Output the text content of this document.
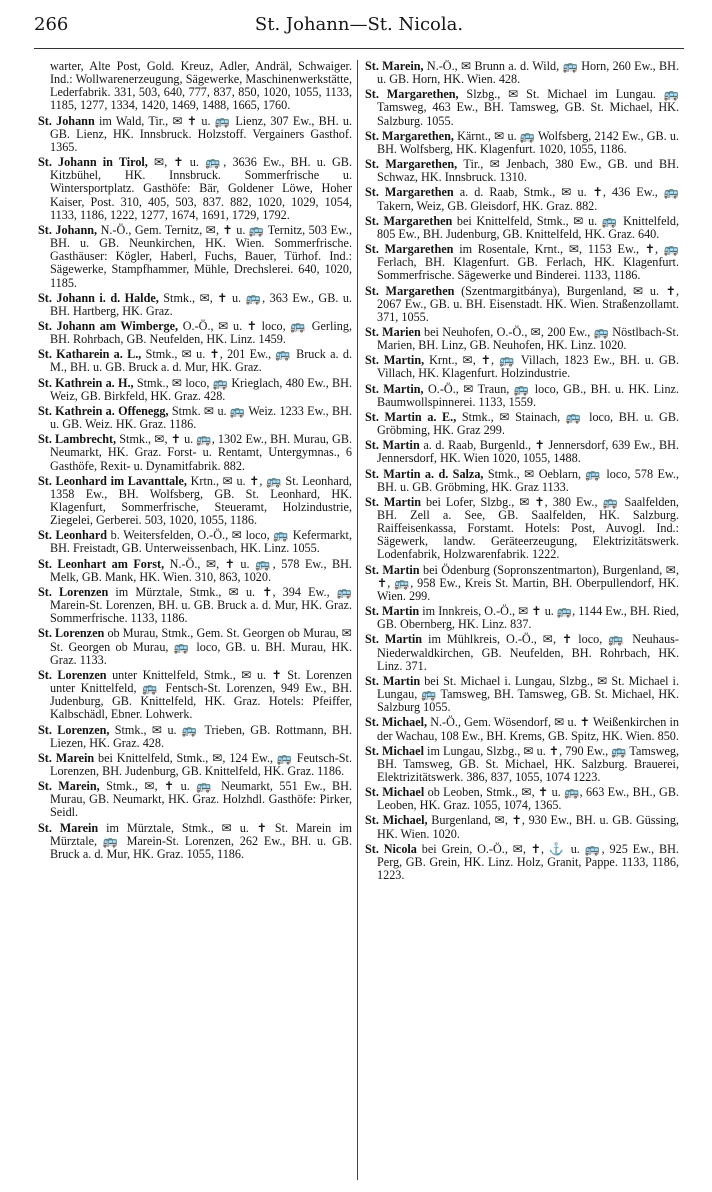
266	St. Johann—St. Nicola.

warter, Alte Post, Gold. Kreuz, Adler, Andräl, Schwaiger. Ind.: Wollwarenerzeugung, Sägewerke, Maschinenwerkstätte, Lederfabrik. 331, 503, 640, 777, 837, 850, 1020, 1055, 1133, 1185, 1277, 1334, 1420, 1469, 1488, 1665, 1760.

St. Johann im Wald, Tir., ✉ ✝ u. 🚌 Lienz, 307 Ew., BH. u. GB. Lienz, HK. Innsbruck. Holzstoff. Vergainers Gasthof. 1365.

St. Johann in Tirol, ✉, ✝ u. 🚌, 3636 Ew., BH. u. GB. Kitzbühel, HK. Innsbruck. Sommerfrische u. Wintersportplatz. Gasthöfe: Bär, Goldener Löwe, Hoher Kaiser, Post. 310, 405, 503, 837. 882, 1020, 1029, 1054, 1133, 1186, 1222, 1277, 1674, 1691, 1729, 1792.

St. Johann, N.-Ö., Gem. Ternitz, ✉, ✝ u. 🚌 Ternitz, 503 Ew., BH. u. GB. Neunkirchen, HK. Wien. Sommerfrische. Gasthäuser: Kögler, Haberl, Fuchs, Bauer, Türhof. Ind.: Sägewerke, Stampfhammer, Mühle, Drechslerei. 640, 1020, 1185.

St. Johann i. d. Halde, Stmk., ✉, ✝ u. 🚌, 363 Ew., GB. u. BH. Hartberg, HK. Graz.

St. Johann am Wimberge, O.-Ö., ✉ u. ✝ loco, 🚌 Gerling, BH. Rohrbach, GB. Neufelden, HK. Linz. 1459.

St. Katharein a. L., Stmk., ✉ u. ✝, 201 Ew., 🚌 Bruck a. d. M., BH. u. GB. Bruck a. d. Mur, HK. Graz.

St. Kathrein a. H., Stmk., ✉ loco, 🚌 Krieglach, 480 Ew., BH. Weiz, GB. Birkfeld, HK. Graz. 428.

St. Kathrein a. Offenegg, Stmk. ✉ u. 🚌 Weiz. 1233 Ew., BH. u. GB. Weiz. HK. Graz. 1186.

St. Lambrecht, Stmk., ✉, ✝ u. 🚌, 1302 Ew., BH. Murau, GB. Neumarkt, HK. Graz. Forst- u. Rentamt, Untergymnas., 6 Gasthöfe, Rexit- u. Dynamitfabrik. 882.

St. Leonhard im Lavanttale, Krtn., ✉ u. ✝, 🚌 St. Leonhard, 1358 Ew., BH. Wolfsberg, GB. St. Leonhard, HK. Klagenfurt, Sommerfrische, Steueramt, Holzindustrie, Ziegelei, Gerberei. 503, 1020, 1055, 1186.

St. Leonhard b. Weitersfelden, O.-Ö., ✉ loco, 🚌 Kefermarkt, BH. Freistadt, GB. Unterweissenbach, HK. Linz. 1055.

St. Leonhart am Forst, N.-Ö., ✉, ✝ u. 🚌, 578 Ew., BH. Melk, GB. Mank, HK. Wien. 310, 863, 1020.

St. Lorenzen im Mürztale, Stmk., ✉ u. ✝, 394 Ew., 🚌 Marein-St. Lorenzen, BH. u. GB. Bruck a. d. Mur, HK. Graz. Sommerfrische. 1133, 1186.

St. Lorenzen ob Murau, Stmk., Gem. St. Georgen ob Murau, ✉ St. Georgen ob Murau, 🚌 loco, GB. u. BH. Murau, HK. Graz. 1133.

St. Lorenzen unter Knittelfeld, Stmk., ✉ u. ✝ St. Lorenzen unter Knittelfeld, 🚌 Fentsch-St. Lorenzen, 949 Ew., BH. Judenburg, GB. Knittelfeld, HK. Graz. Hotels: Pfeiffer, Kalbschädl, Ebner. Lohwerk.

St. Lorenzen, Stmk., ✉ u. 🚌 Trieben, GB. Rottmann, BH. Liezen, HK. Graz. 428.

St. Marein bei Knittelfeld, Stmk., ✉, 124 Ew., 🚌 Feutsch-St. Lorenzen, BH. Judenburg, GB. Knittelfeld, HK. Graz. 1186.

St. Marein, Stmk., ✉, ✝ u. 🚌 Neumarkt, 551 Ew., BH. Murau, GB. Neumarkt, HK. Graz. Holzhdl. Gasthöfe: Pirker, Seidl.

St. Marein im Mürztale, Stmk., ✉ u. ✝ St. Marein im Mürztale, 🚌 Marein-St. Lorenzen, 262 Ew., BH. u. GB. Bruck a. d. Mur, HK. Graz. 1055, 1186.

St. Marein, N.-Ö., ✉ Brunn a. d. Wild, 🚌 Horn, 260 Ew., BH. u. GB. Horn, HK. Wien. 428.

St. Margarethen, Slzbg., ✉ St. Michael im Lungau. 🚌 Tamsweg, 463 Ew., BH. Tamsweg, GB. St. Michael, HK. Salzburg. 1055.

St. Margarethen, Kärnt., ✉ u. 🚌 Wolfsberg, 2142 Ew., GB. u. BH. Wolfsberg, HK. Klagenfurt. 1020, 1055, 1186.

St. Margarethen, Tir., ✉ Jenbach, 380 Ew., GB. und BH. Schwaz, HK. Innsbruck. 1310.

St. Margarethen a. d. Raab, Stmk., ✉ u. ✝, 436 Ew., 🚌 Takern, Weiz, GB. Gleisdorf, HK. Graz. 882.

St. Margarethen bei Knittelfeld, Stmk., ✉ u. 🚌 Knittelfeld, 805 Ew., BH. Judenburg, GB. Knittelfeld, HK. Graz. 640.

St. Margarethen im Rosentale, Krnt., ✉, 1153 Ew., ✝, 🚌 Ferlach, BH. Klagenfurt. GB. Ferlach, HK. Klagenfurt. Sommerfrische. Sägewerke und Binderei. 1133, 1186.

St. Margarethen (Szentmargitbánya), Burgenland, ✉ u. ✝, 2067 Ew., GB. u. BH. Eisenstadt. HK. Wien. Straßenzollamt. 371, 1055.

St. Marien bei Neuhofen, O.-Ö., ✉, 200 Ew., 🚌 Nöstlbach-St. Marien, BH. Linz, GB. Neuhofen, HK. Linz. 1020.

St. Martin, Krnt., ✉, ✝, 🚌 Villach, 1823 Ew., BH. u. GB. Villach, HK. Klagenfurt. Holzindustrie.

St. Martin, O.-Ö., ✉ Traun, 🚌 loco, GB., BH. u. HK. Linz. Baumwollspinnerei. 1133, 1559.

St. Martin a. E., Stmk., ✉ Stainach, 🚌 loco, BH. u. GB. Gröbming, HK. Graz 299.

St. Martin a. d. Raab, Burgenld., ✝ Jennersdorf, 639 Ew., BH. Jennersdorf, HK. Wien 1020, 1055, 1488.

St. Martin a. d. Salza, Stmk., ✉ Oeblarn, 🚌 loco, 578 Ew., BH. u. GB. Gröbming, HK. Graz 1133.

St. Martin bei Lofer, Slzbg., ✉ ✝, 380 Ew., 🚌 Saalfelden, BH. Zell a. See, GB. Saalfelden, HK. Salzburg. Raiffeisenkassa, Forstamt. Hotels: Post, Auvogl. Ind.: Sägewerk, landw. Geräteerzeugung, Elektrizitätswerk. Lodenfabrik, Holzwarenfabrik. 1222.

St. Martin bei Ödenburg (Sopronszentmarton), Burgenland, ✉, ✝, 🚌, 958 Ew., Kreis St. Martin, BH. Oberpullendorf, HK. Wien. 299.

St. Martin im Innkreis, O.-Ö., ✉ ✝ u. 🚌, 1144 Ew., BH. Ried, GB. Obernberg, HK. Linz. 837.

St. Martin im Mühlkreis, O.-Ö., ✉, ✝ loco, 🚌 Neuhaus-Niederwaldkirchen, GB. Neufelden, BH. Rohrbach, HK. Linz. 371.

St. Martin bei St. Michael i. Lungau, Slzbg., ✉ St. Michael i. Lungau, 🚌 Tamsweg, BH. Tamsweg, GB. St. Michael, HK. Salzburg 1055.

St. Michael, N.-Ö., Gem. Wösendorf, ✉ u. ✝ Weißenkirchen in der Wachau, 108 Ew., BH. Krems, GB. Spitz, HK. Wien. 850.

St. Michael im Lungau, Slzbg., ✉ u. ✝, 790 Ew., 🚌 Tamsweg, BH. Tamsweg, GB. St. Michael, HK. Salzburg. Brauerei, Elektrizitätswerk. 386, 837, 1055, 1074 1223.

St. Michael ob Leoben, Stmk., ✉, ✝ u. 🚌, 663 Ew., BH., GB. Leoben, HK. Graz. 1055, 1074, 1365.

St. Michael, Burgenland, ✉, ✝, 930 Ew., BH. u. GB. Güssing, HK. Wien. 1020.

St. Nicola bei Grein, O.-Ö., ✉, ✝, ⚓ u. 🚌, 925 Ew., BH. Perg, GB. Grein, HK. Linz. Holz, Granit, Pappe. 1133, 1186, 1223.
